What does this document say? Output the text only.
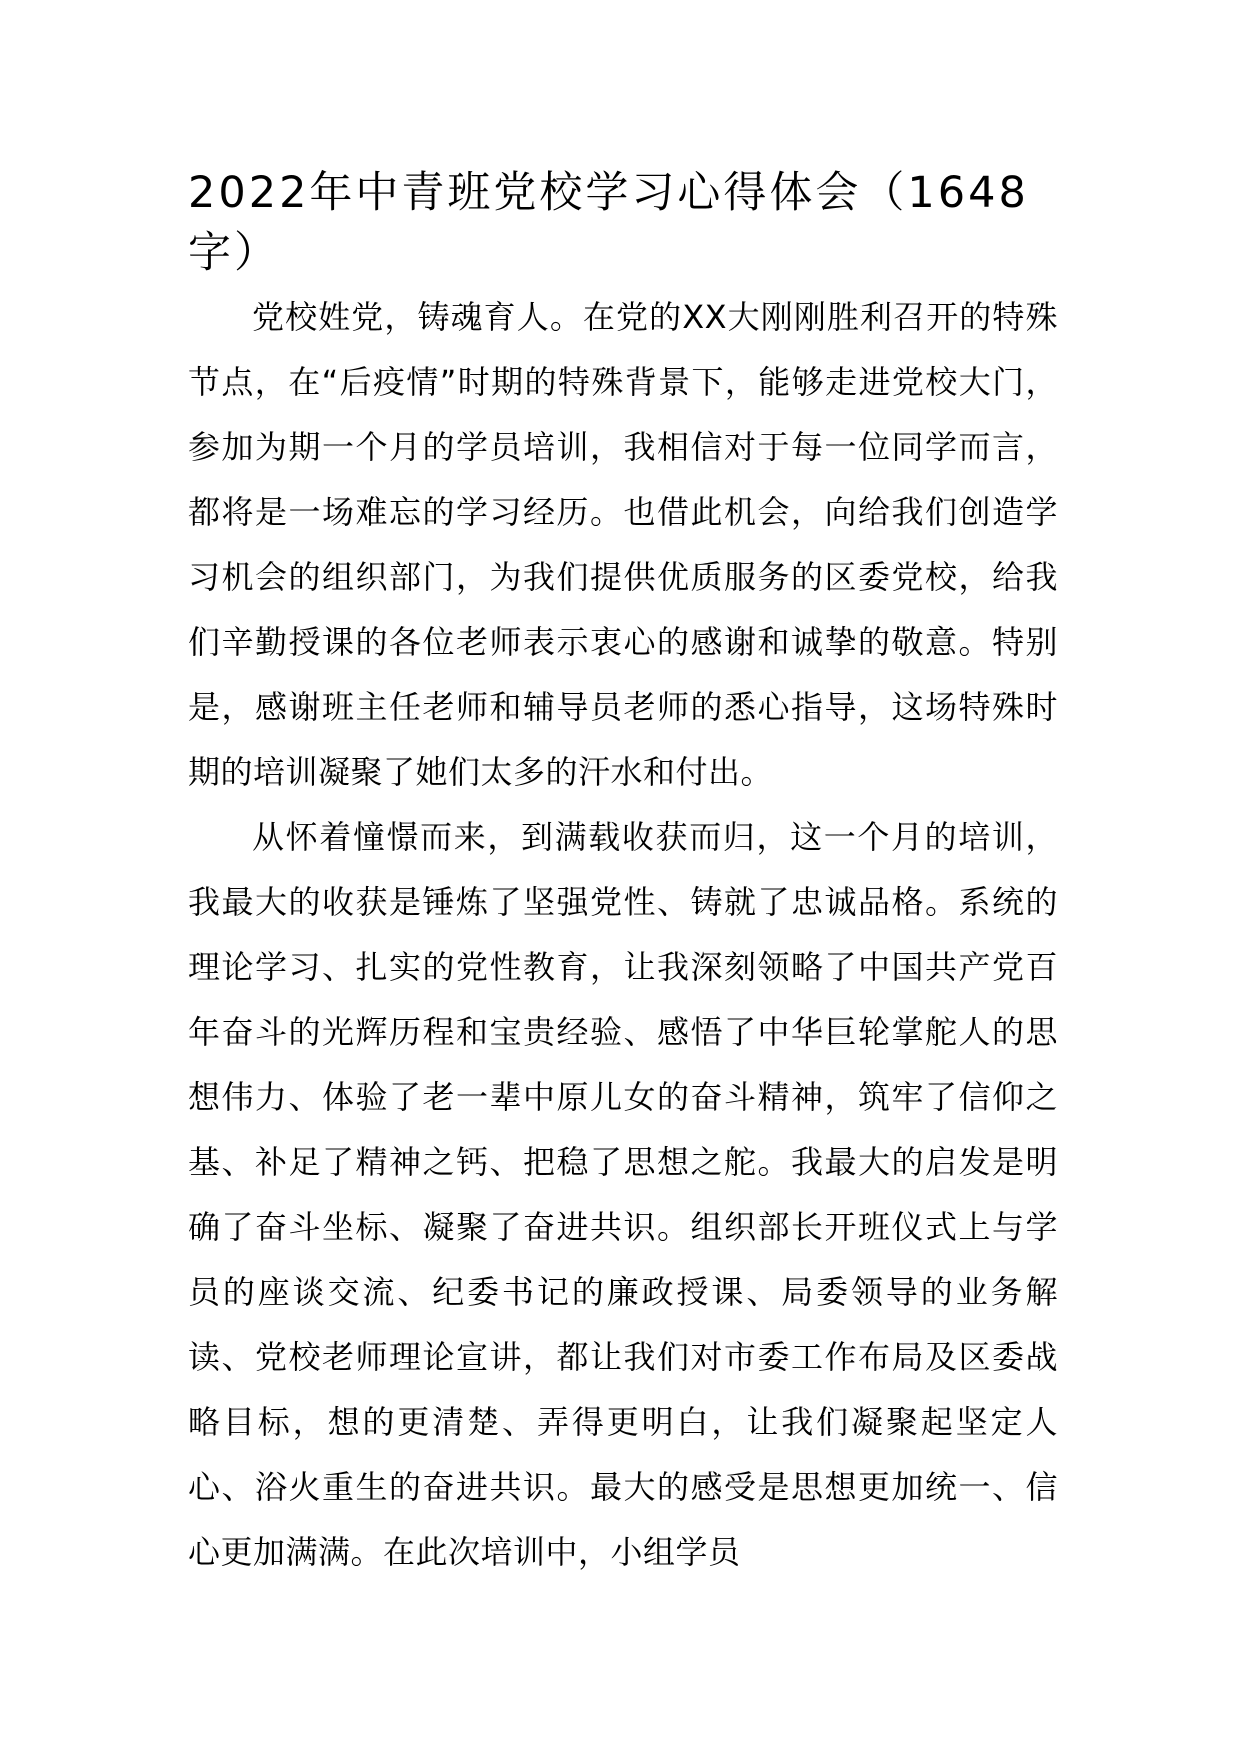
2022年中青班党校学习心得体会（1648字）

党校姓党，铸魂育人。在党的XX大刚刚胜利召开的特殊节点，在“后疫情”时期的特殊背景下，能够走进党校大门，参加为期一个月的学员培训，我相信对于每一位同学而言，都将是一场难忘的学习经历。也借此机会，向给我们创造学习机会的组织部门，为我们提供优质服务的区委党校，给我们辛勤授课的各位老师表示衷心的感谢和诚挚的敬意。特别是，感谢班主任老师和辅导员老师的悉心指导，这场特殊时期的培训凝聚了她们太多的汗水和付出。

从怀着憧憬而来，到满载收获而归，这一个月的培训，我最大的收获是锤炼了坚强党性、铸就了忠诚品格。系统的理论学习、扎实的党性教育，让我深刻领略了中国共产党百年奋斗的光辉历程和宝贵经验、感悟了中华巨轮掌舵人的思想伟力、体验了老一辈中原儿女的奋斗精神，筑牢了信仰之基、补足了精神之钙、把稳了思想之舵。我最大的启发是明确了奋斗坐标、凝聚了奋进共识。组织部长开班仪式上与学员的座谈交流、纪委书记的廉政授课、局委领导的业务解读、党校老师理论宣讲，都让我们对市委工作布局及区委战略目标，想的更清楚、弄得更明白，让我们凝聚起坚定人心、浴火重生的奋进共识。最大的感受是思想更加统一、信心更加满满。在此次培训中，小组学员
